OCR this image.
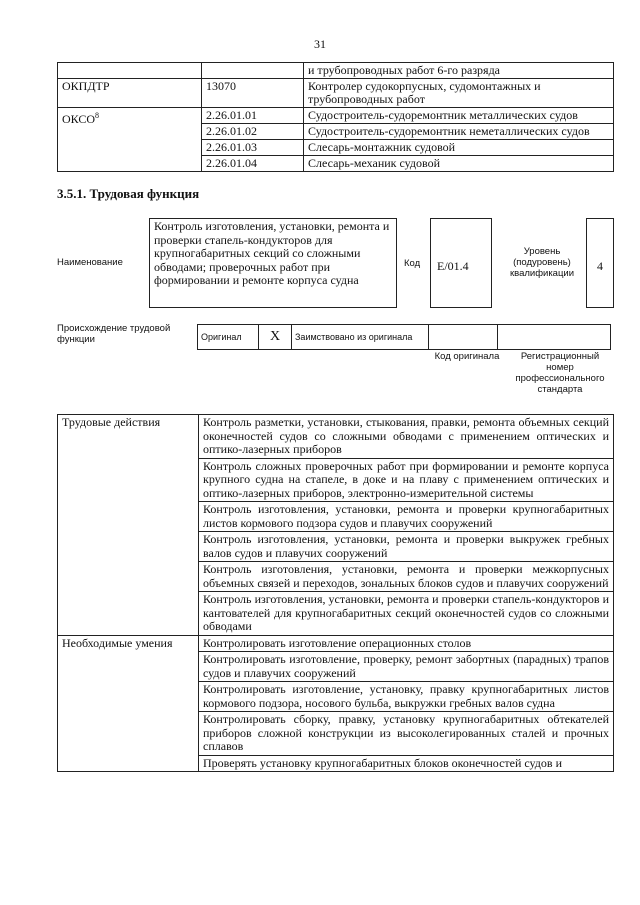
31
		и трубопроводных работ 6-го разряда
ОКПДТР	13070	Контролер судокорпусных, судомонтажных и трубопроводных работ
ОКСО$^8$	2.26.01.01	Судостроитель-судоремонтник металлических судов
	2.26.01.02	Судостроитель-судоремонтник неметаллических судов
	2.26.01.03	Слесарь-монтажник судовой
	2.26.01.04	Слесарь-механик судовой
3.5.1. Трудовая функция
Наименование
Контроль изготовления, установки, ремонта и проверки стапель-кондукторов для крупногабаритных секций со сложными обводами; проверочных работ при формировании и ремонте корпуса судна
Код	E/01.4
Уровень (подуровень) квалификации
4
Происхождение трудовой функции	Оригинал	X	Заимствовано из оригинала		
Код оригинала	Регистрационный номер профессионального стандарта
Трудовые действия	Контроль разметки, установки, стыкования, правки, ремонта объемных секций оконечностей судов со сложными обводами с применением оптических и оптико-лазерных приборов
	Контроль сложных проверочных работ при формировании и ремонте корпуса крупного судна на стапеле, в доке и на плаву с применением оптических и оптико-лазерных приборов, электронно-измерительной системы
	Контроль изготовления, установки, ремонта и проверки крупногабаритных листов кормового подзора судов и плавучих сооружений
	Контроль изготовления, установки, ремонта и проверки выкружек гребных валов судов и плавучих сооружений
	Контроль изготовления, установки, ремонта и проверки межкорпусных объемных связей и переходов, зональных блоков судов и плавучих сооружений
	Контроль изготовления, установки, ремонта и проверки стапель-кондукторов и кантователей для крупногабаритных секций оконечностей судов со сложными обводами
Необходимые умения	Контролировать изготовление операционных столов
	Контролировать изготовление, проверку, ремонт забортных (парадных) трапов судов и плавучих сооружений
	Контролировать изготовление, установку, правку крупногабаритных листов кормового подзора, носового бульба, выкружки гребных валов судна
	Контролировать сборку, правку, установку крупногабаритных обтекателей приборов сложной конструкции из высоколегированных сталей и прочных сплавов
	Проверять установку крупногабаритных блоков оконечностей судов и
